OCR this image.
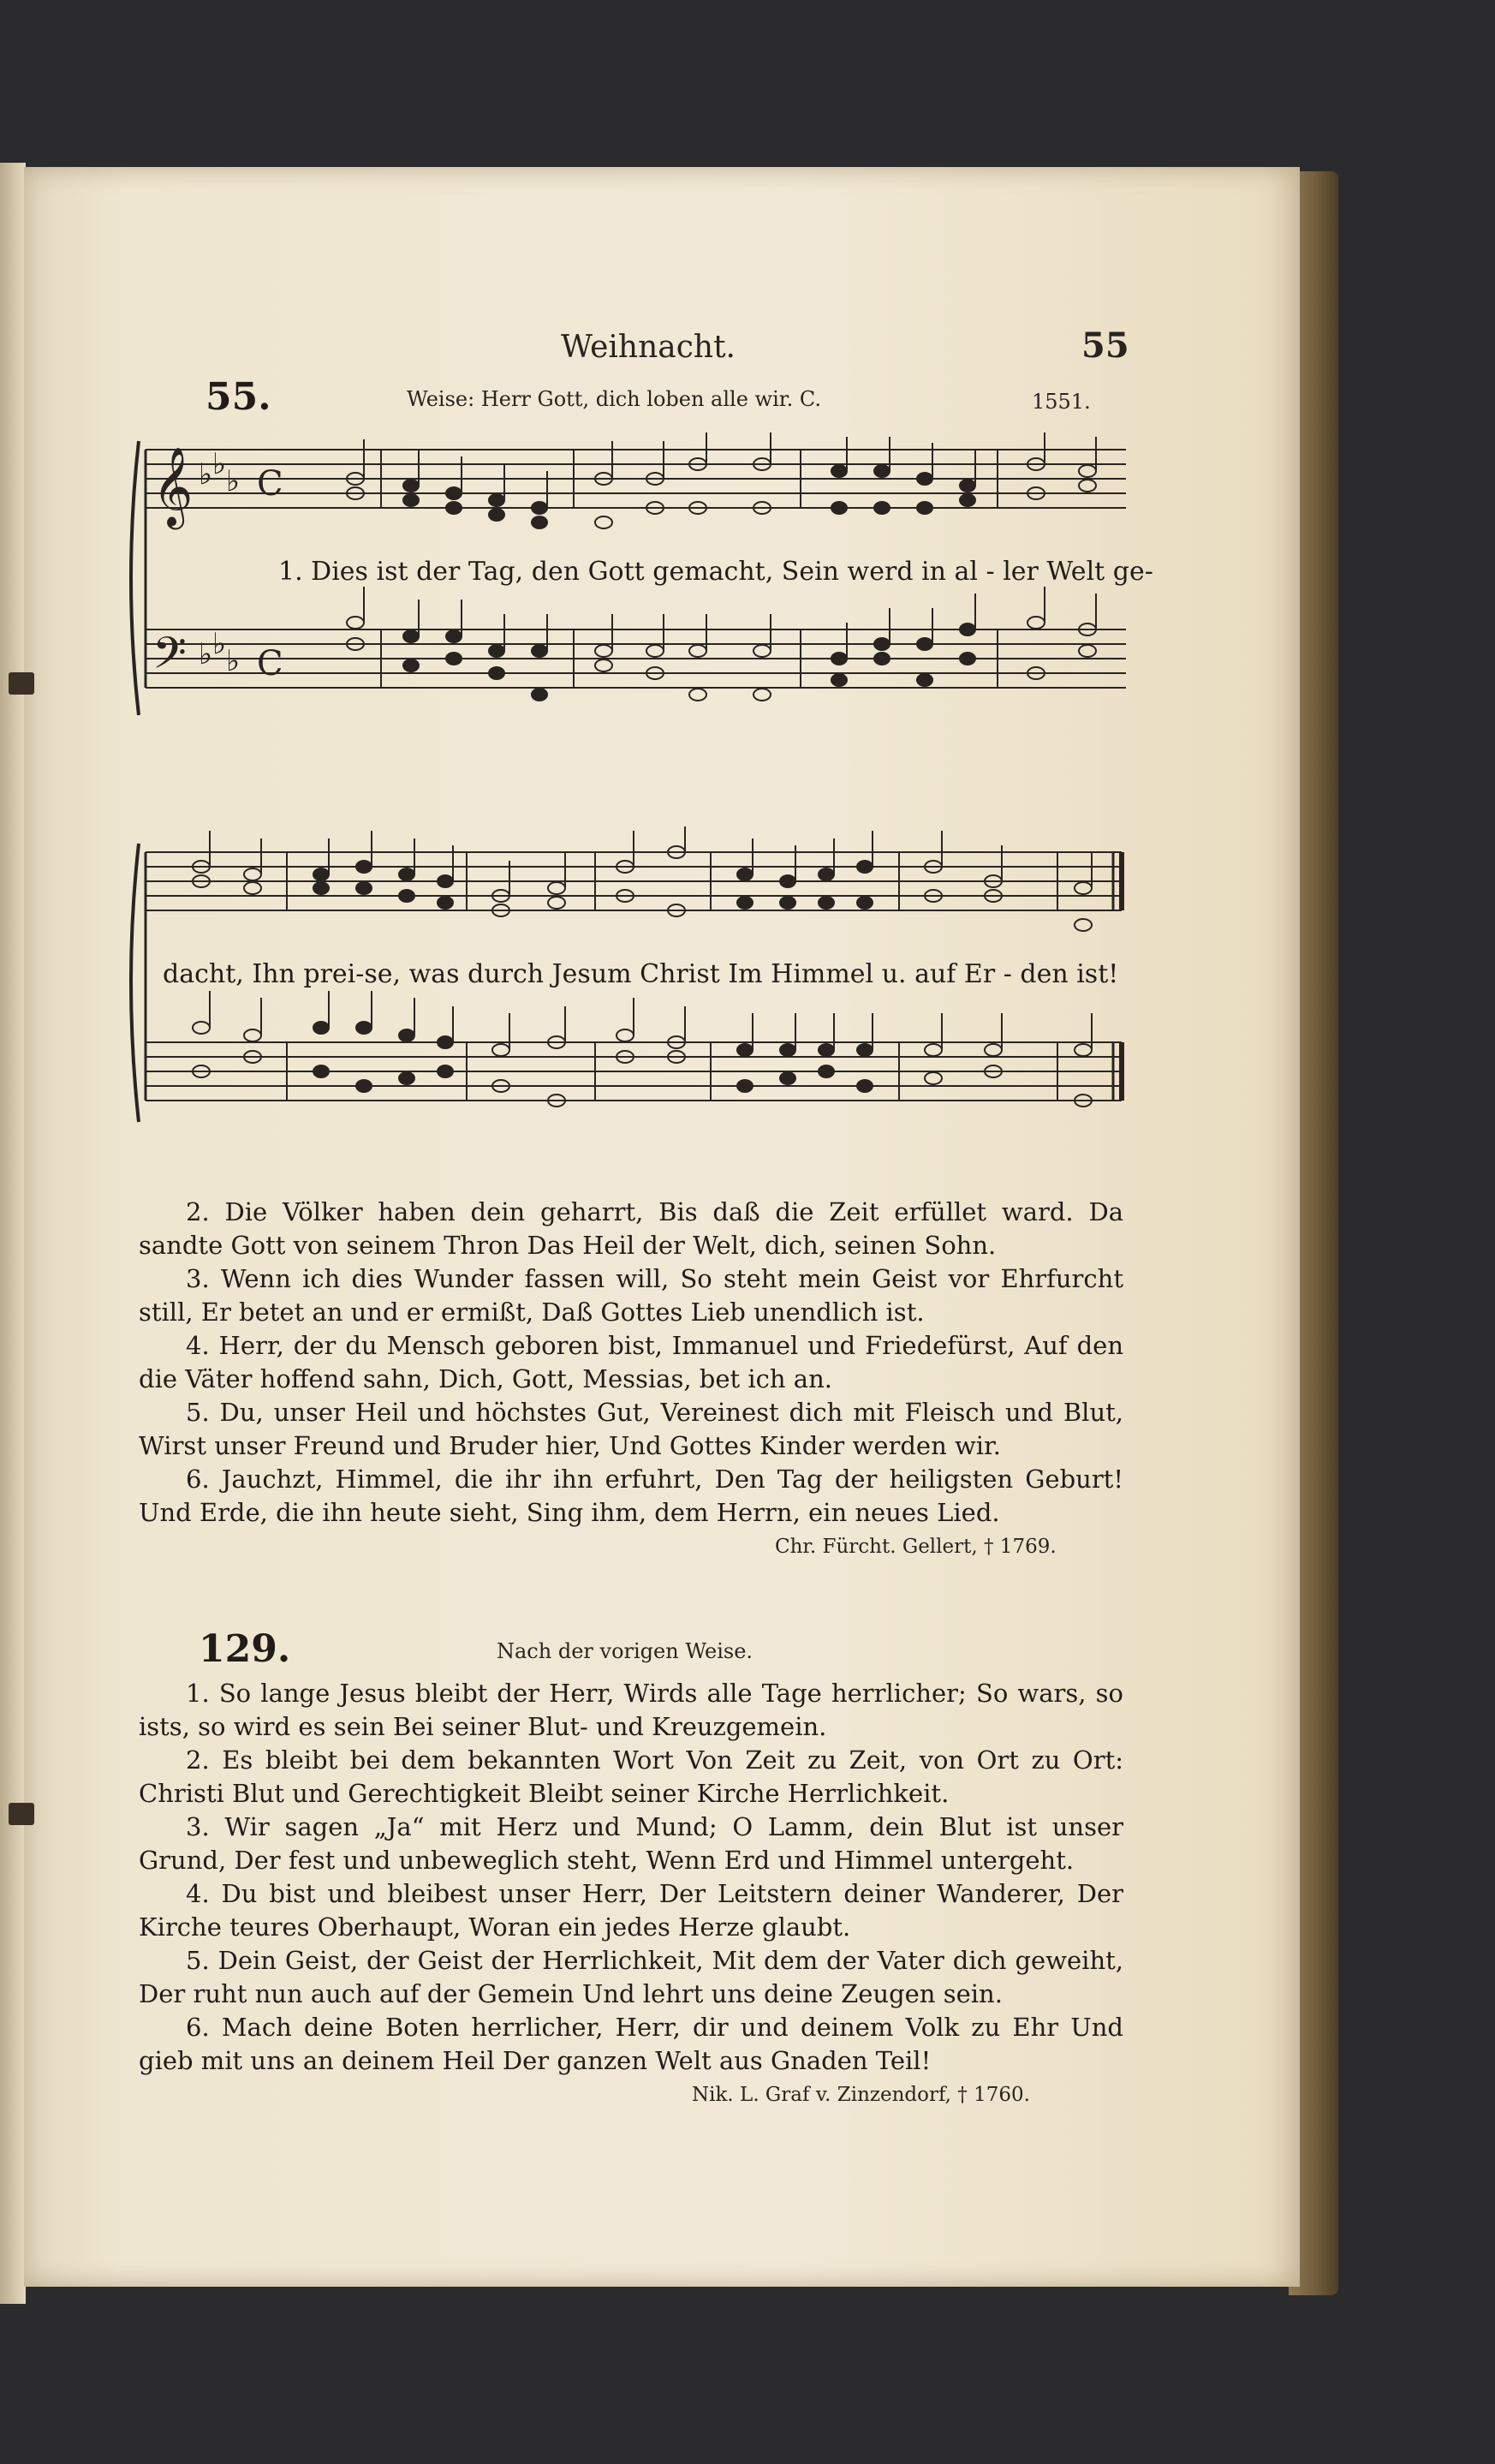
Weihnacht.	55
55.	Weise: Herr Gott, dich loben alle wir. C.	1551.
𝄞 ♭ ♭ ♭ C
𝄢 ♭ ♭ ♭ C
1. Dies ist der Tag, den Gott gemacht, Sein werd in al - ler Welt ge-
dacht, Ihn prei-se, was durch Jesum Christ Im Himmel u. auf Er - den ist!

2. Die Völker haben dein geharrt, Bis daß die Zeit erfüllet ward. Da sandte Gott von seinem Thron Das Heil der Welt, dich, seinen Sohn.

3. Wenn ich dies Wunder fassen will, So steht mein Geist vor Ehrfurcht still, Er betet an und er ermißt, Daß Gottes Lieb unendlich ist.

4. Herr, der du Mensch geboren bist, Immanuel und Friedefürst, Auf den die Väter hoffend sahn, Dich, Gott, Messias, bet ich an.

5. Du, unser Heil und höchstes Gut, Vereinest dich mit Fleisch und Blut, Wirst unser Freund und Bruder hier, Und Gottes Kinder werden wir.

6. Jauchzt, Himmel, die ihr ihn erfuhrt, Den Tag der heiligsten Geburt! Und Erde, die ihn heute sieht, Sing ihm, dem Herrn, ein neues Lied.

Chr. Fürcht. Gellert, † 1769.
129.	Nach der vorigen Weise.

1. So lange Jesus bleibt der Herr, Wirds alle Tage herrlicher; So wars, so ists, so wird es sein Bei seiner Blut- und Kreuzgemein.

2. Es bleibt bei dem bekannten Wort Von Zeit zu Zeit, von Ort zu Ort: Christi Blut und Gerechtigkeit Bleibt seiner Kirche Herrlichkeit.

3. Wir sagen „Ja“ mit Herz und Mund; O Lamm, dein Blut ist unser Grund, Der fest und unbeweglich steht, Wenn Erd und Himmel untergeht.

4. Du bist und bleibest unser Herr, Der Leitstern deiner Wanderer, Der Kirche teures Oberhaupt, Woran ein jedes Herze glaubt.

5. Dein Geist, der Geist der Herrlichkeit, Mit dem der Vater dich geweiht, Der ruht nun auch auf der Gemein Und lehrt uns deine Zeugen sein.

6. Mach deine Boten herrlicher, Herr, dir und deinem Volk zu Ehr Und gieb mit uns an deinem Heil Der ganzen Welt aus Gnaden Teil!

Nik. L. Graf v. Zinzendorf, † 1760.
